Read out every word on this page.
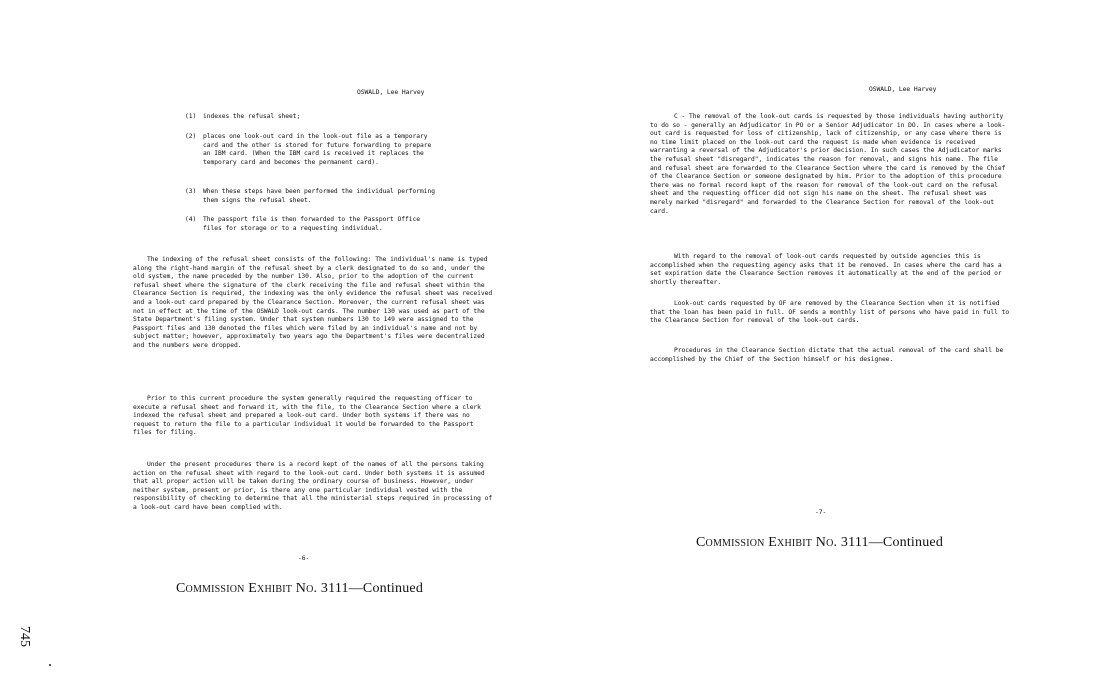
OSWALD, Lee Harvey
(1)	indexes the refusal sheet;
(2)	places one look-out card in the look-out file as a temporary card and the other is stored for future forwarding to prepare an IBM card. (When the IBM card is received it replaces the temporary card and becomes the permanent card).
(3)	When these steps have been performed the individual performing them signs the refusal sheet.
(4)	The passport file is then forwarded to the Passport Office files for storage or to a requesting individual.

The indexing of the refusal sheet consists of the following: The individual's name is typed along the right-hand margin of the refusal sheet by a clerk designated to do so and, under the old system, the name preceded by the number 130. Also, prior to the adoption of the current refusal sheet where the signature of the clerk receiving the file and refusal sheet within the Clearance Section is required, the indexing was the only evidence the refusal sheet was received and a look-out card prepared by the Clearance Section. Moreover, the current refusal sheet was not in effect at the time of the OSWALD look-out cards. The number 130 was used as part of the State Department's filing system. Under that system numbers 130 to 149 were assigned to the Passport files and 130 denoted the files which were filed by an individual's name and not by subject matter; however, approximately two years ago the Department's files were decentralized and the numbers were dropped.

Prior to this current procedure the system generally required the requesting officer to execute a refusal sheet and forward it, with the file, to the Clearance Section where a clerk indexed the refusal sheet and prepared a look-out card. Under both systems if there was no request to return the file to a particular individual it would be forwarded to the Passport files for filing.

Under the present procedures there is a record kept of the names of all the persons taking action on the refusal sheet with regard to the look-out card. Under both systems it is assumed that all proper action will be taken during the ordinary course of business. However, under neither system, present or prior, is there any one particular individual vested with the responsibility of checking to determine that all the ministerial steps required in processing of a look-out card have been complied with.

-6-
Commission Exhibit No. 3111—Continued
OSWALD, Lee Harvey

C - The removal of the look-out cards is requested by those individuals having authority to do so - generally an Adjudicator in PO or a Senior Adjudicator in DO. In cases where a look-out card is requested for loss of citizenship, lack of citizenship, or any case where there is no time limit placed on the look-out card the request is made when evidence is received warranting a reversal of the Adjudicator's prior decision. In such cases the Adjudicator marks the refusal sheet "disregard", indicates the reason for removal, and signs his name. The file and refusal sheet are forwarded to the Clearance Section where the card is removed by the Chief of the Clearance Section or someone designated by him. Prior to the adoption of this procedure there was no formal record kept of the reason for removal of the look-out card on the refusal sheet and the requesting officer did not sign his name on the sheet. The refusal sheet was merely marked "disregard" and forwarded to the Clearance Section for removal of the look-out card.

With regard to the removal of look-out cards requested by outside agencies this is accomplished when the requesting agency asks that it be removed. In cases where the card has a set expiration date the Clearance Section removes it automatically at the end of the period or shortly thereafter.

Look-out cards requested by OF are removed by the Clearance Section when it is notified that the loan has been paid in full. OF sends a monthly list of persons who have paid in full to the Clearance Section for removal of the look-out cards.

Procedures in the Clearance Section dictate that the actual removal of the card shall be accomplished by the Chief of the Section himself or his designee.

-7-
Commission Exhibit No. 3111—Continued
745
